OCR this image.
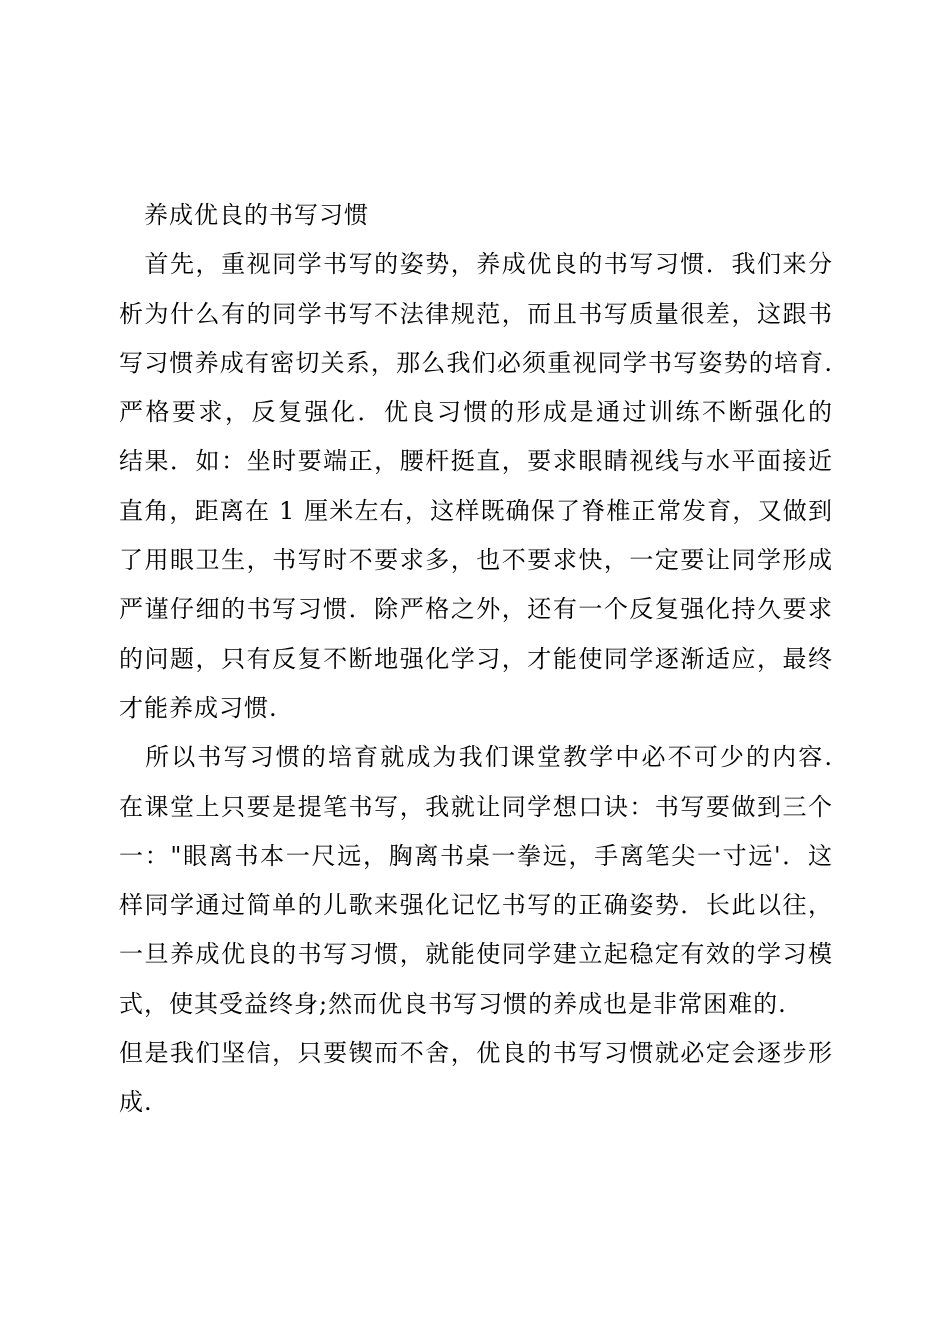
　养成优良的书写习惯
　首先，重视同学书写的姿势，养成优良的书写习惯．我们来分
析为什么有的同学书写不法律规范，而且书写质量很差，这跟书
写习惯养成有密切关系，那么我们必须重视同学书写姿势的培育.
严格要求，反复强化．优良习惯的形成是通过训练不断强化的
结果．如：坐时要端正，腰杆挺直，要求眼睛视线与水平面接近
直角，距离在 1 厘米左右，这样既确保了脊椎正常发育，又做到
了用眼卫生，书写时不要求多，也不要求快，一定要让同学形成
严谨仔细的书写习惯．除严格之外，还有一个反复强化持久要求
的问题，只有反复不断地强化学习，才能使同学逐渐适应，最终
才能养成习惯.
　所以书写习惯的培育就成为我们课堂教学中必不可少的内容.
在课堂上只要是提笔书写，我就让同学想口诀：书写要做到三个
一："眼离书本一尺远，胸离书桌一拳远，手离笔尖一寸远'．这
样同学通过简单的儿歌来强化记忆书写的正确姿势．长此以往，
一旦养成优良的书写习惯，就能使同学建立起稳定有效的学习模
式，使其受益终身;然而优良书写习惯的养成也是非常困难的.
但是我们坚信，只要锲而不舍，优良的书写习惯就必定会逐步形
成.
